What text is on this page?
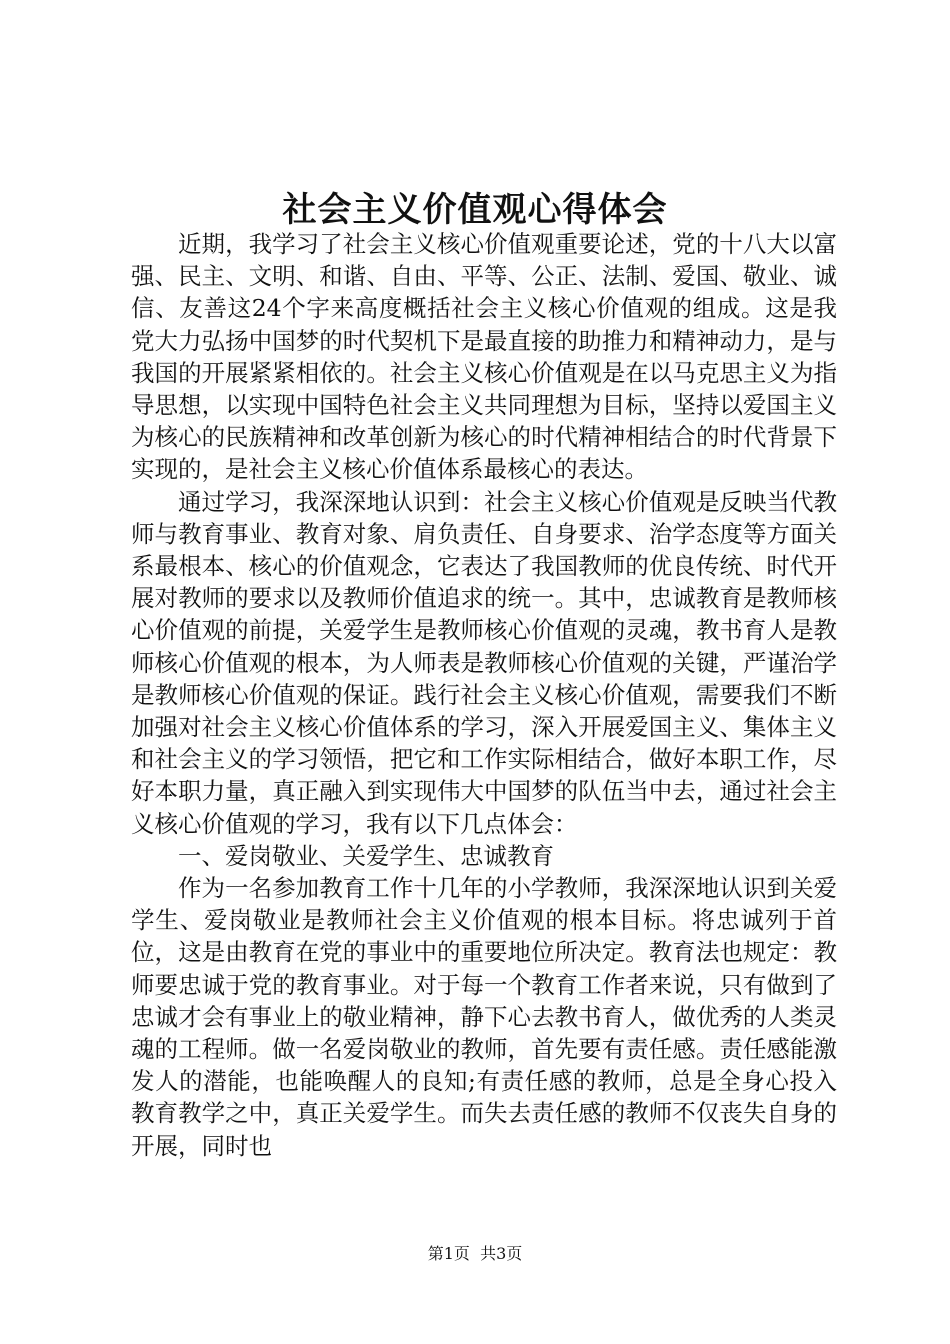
社会主义价值观心得体会

近期，我学习了社会主义核心价值观重要论述，党的十八大以富强、民主、文明、和谐、自由、平等、公正、法制、爱国、敬业、诚信、友善这24个字来高度概括社会主义核心价值观的组成。这是我党大力弘扬中国梦的时代契机下是最直接的助推力和精神动力，是与我国的开展紧紧相依的。社会主义核心价值观是在以马克思主义为指导思想，以实现中国特色社会主义共同理想为目标，坚持以爱国主义为核心的民族精神和改革创新为核心的时代精神相结合的时代背景下实现的，是社会主义核心价值体系最核心的表达。

通过学习，我深深地认识到：社会主义核心价值观是反映当代教师与教育事业、教育对象、肩负责任、自身要求、治学态度等方面关系最根本、核心的价值观念，它表达了我国教师的优良传统、时代开展对教师的要求以及教师价值追求的统一。其中，忠诚教育是教师核心价值观的前提，关爱学生是教师核心价值观的灵魂，教书育人是教师核心价值观的根本，为人师表是教师核心价值观的关键，严谨治学是教师核心价值观的保证。践行社会主义核心价值观，需要我们不断加强对社会主义核心价值体系的学习，深入开展爱国主义、集体主义和社会主义的学习领悟，把它和工作实际相结合，做好本职工作，尽好本职力量，真正融入到实现伟大中国梦的队伍当中去，通过社会主义核心价值观的学习，我有以下几点体会：

一、爱岗敬业、关爱学生、忠诚教育

作为一名参加教育工作十几年的小学教师，我深深地认识到关爱学生、爱岗敬业是教师社会主义价值观的根本目标。将忠诚列于首位，这是由教育在党的事业中的重要地位所决定。教育法也规定：教师要忠诚于党的教育事业。对于每一个教育工作者来说，只有做到了忠诚才会有事业上的敬业精神，静下心去教书育人，做优秀的人类灵魂的工程师。做一名爱岗敬业的教师，首先要有责任感。责任感能激发人的潜能，也能唤醒人的良知;有责任感的教师，总是全身心投入教育教学之中，真正关爱学生。而失去责任感的教师不仅丧失自身的开展，同时也

第1页  共3页
